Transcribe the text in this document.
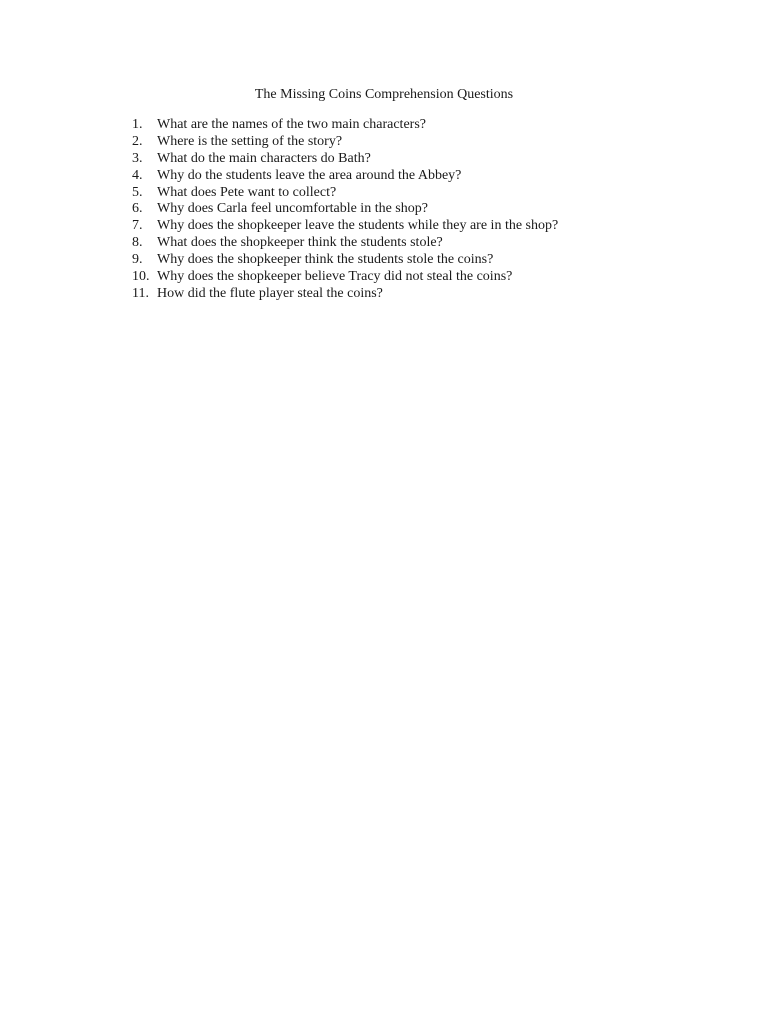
The Missing Coins Comprehension Questions
1. What are the names of the two main characters?
2. Where is the setting of the story?
3. What do the main characters do Bath?
4. Why do the students leave the area around the Abbey?
5. What does Pete want to collect?
6. Why does Carla feel uncomfortable in the shop?
7. Why does the shopkeeper leave the students while they are in the shop?
8. What does the shopkeeper think the students stole?
9. Why does the shopkeeper think the students stole the coins?
10. Why does the shopkeeper believe Tracy did not steal the coins?
11. How did the flute player steal the coins?
